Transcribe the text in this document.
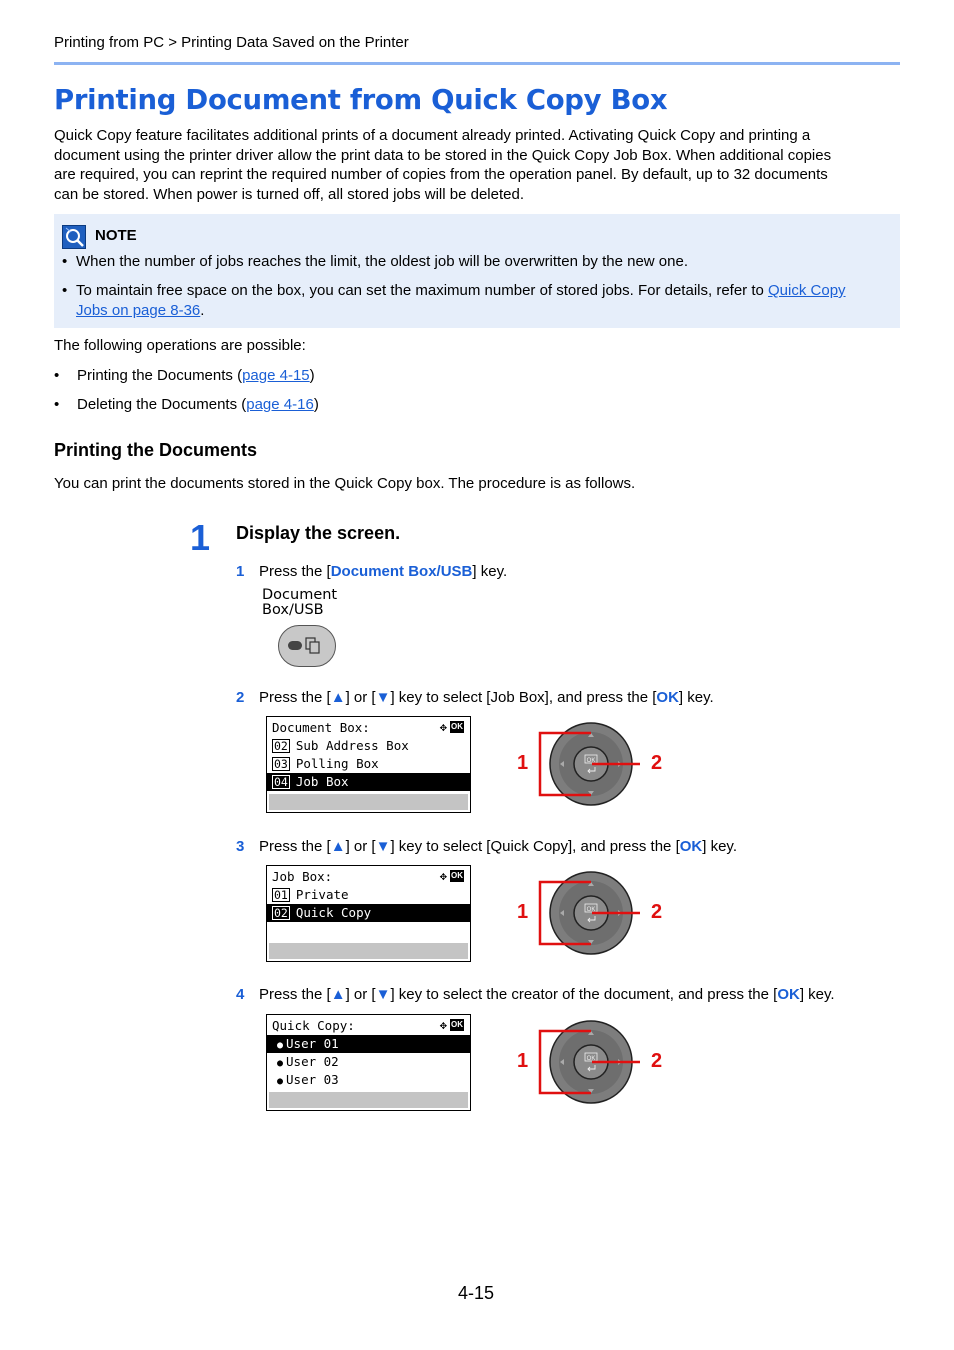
Printing from PC > Printing Data Saved on the Printer
Printing Document from Quick Copy Box
Quick Copy feature facilitates additional prints of a document already printed. Activating Quick Copy and printing a
document using the printer driver allow the print data to be stored in the Quick Copy Job Box. When additional copies
are required, you can reprint the required number of copies from the operation panel. By default, up to 32 documents
can be stored. When power is turned off, all stored jobs will be deleted.
NOTE
• When the number of jobs reaches the limit, the oldest job will be overwritten by the new one.
• To maintain free space on the box, you can set the maximum number of stored jobs. For details, refer to Quick Copy
Jobs on page 8-36.
The following operations are possible:
• Printing the Documents (page 4-15)
• Deleting the Documents (page 4-16)
Printing the Documents
You can print the documents stored in the Quick Copy box. The procedure is as follows.
1 Display the screen.
1 Press the [Document Box/USB] key.
Document
Box/USB
2 Press the [▲] or [▼] key to select [Job Box], and press the [OK] key.
Document Box:	✥ OK
02 Sub Address Box
03 Polling Box
04 Job Box
OK
1	2
3 Press the [▲] or [▼] key to select [Quick Copy], and press the [OK] key.
Job Box:	✥ OK
01 Private
02 Quick Copy	OK
1	2
4 Press the [▲] or [▼] key to select the creator of the document, and press the [OK] key.
Quick Copy:	✥ OK
● User 01
● User 02
● User 03
OK
1	2
4-15
